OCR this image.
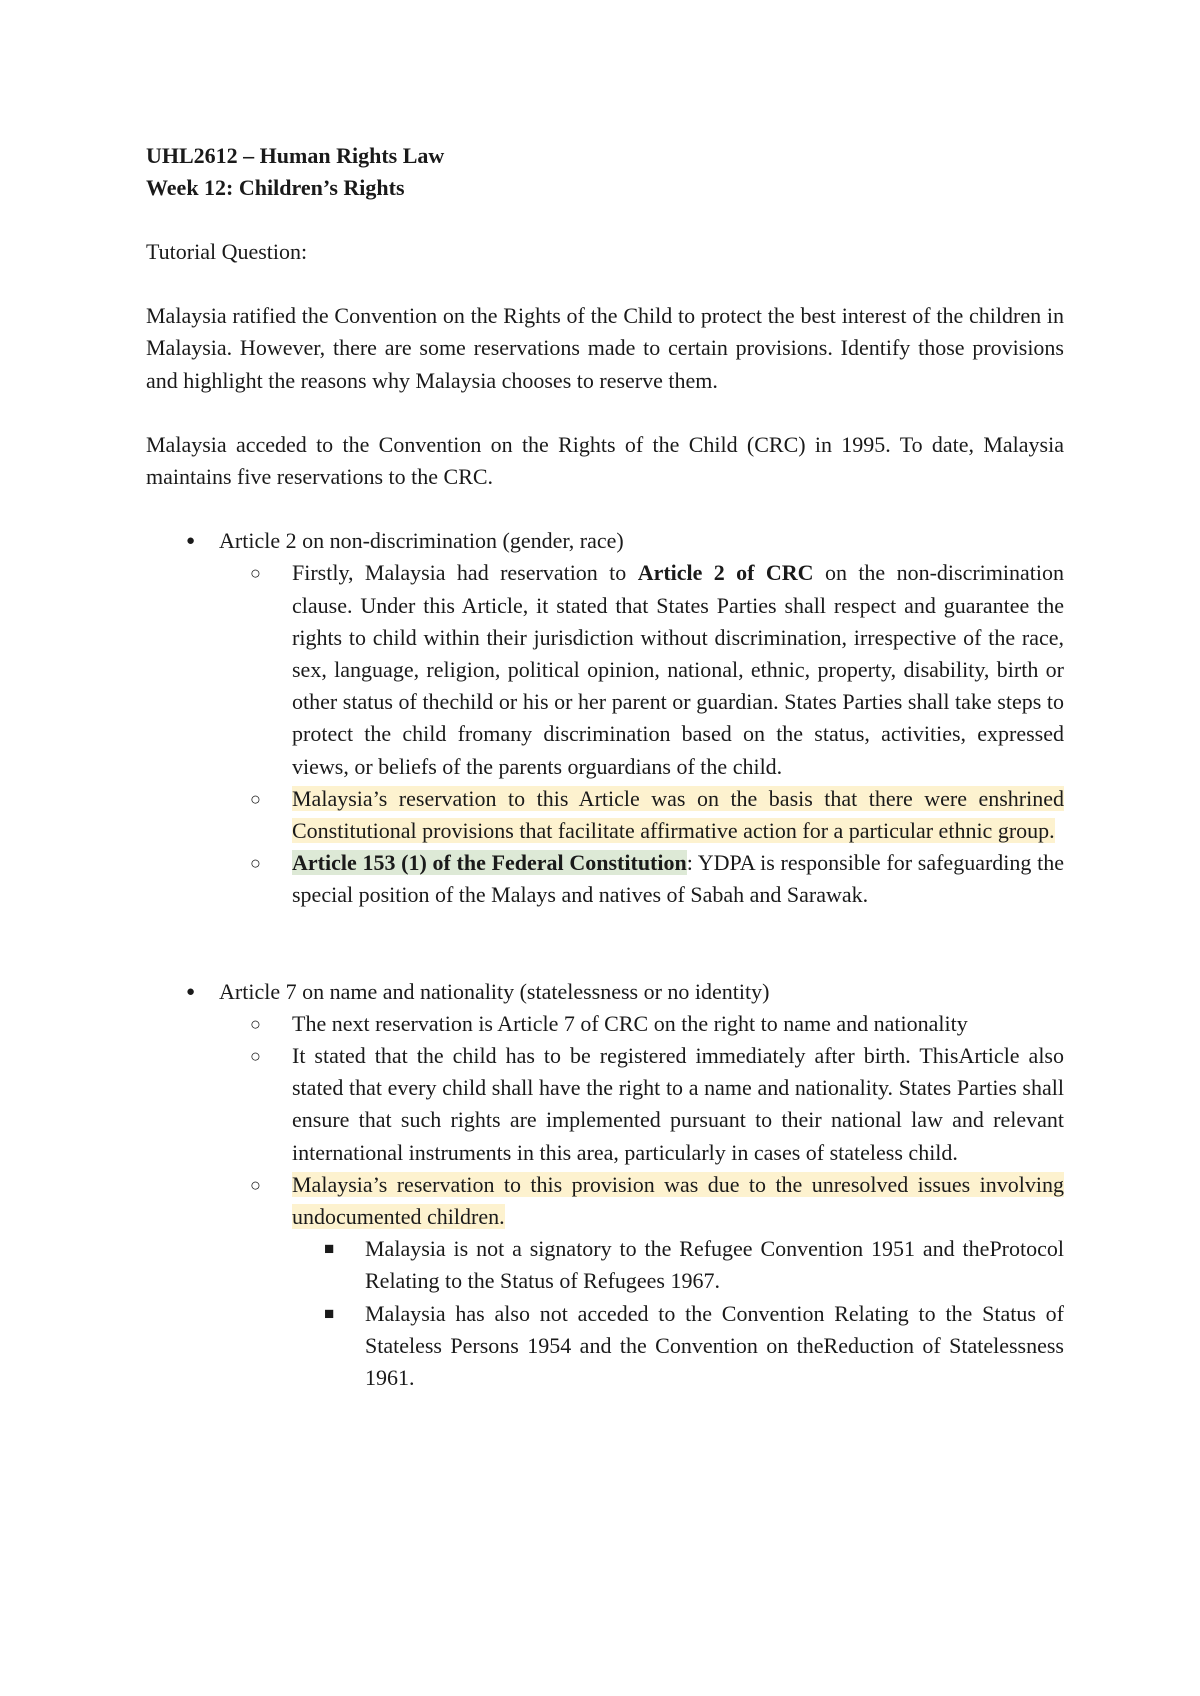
UHL2612 – Human Rights Law
Week 12: Children’s Rights

Tutorial Question:

Malaysia ratified the Convention on the Rights of the Child to protect the best interest of the children in Malaysia. However, there are some reservations made to certain provisions. Identify those provisions and highlight the reasons why Malaysia chooses to reserve them.

Malaysia acceded to the Convention on the Rights of the Child (CRC) in 1995. To date, Malaysia maintains five reservations to the CRC.

● Article 2 on non-discrimination (gender, race)
○ Firstly, Malaysia had reservation to Article 2 of CRC on the non-discrimination clause. Under this Article, it stated that States Parties shall respect and guarantee the rights to child within their jurisdiction without discrimination, irrespective of the race, sex, language, religion, political opinion, national, ethnic, property, disability, birth or other status of thechild or his or her parent or guardian. States Parties shall take steps to protect the child fromany discrimination based on the status, activities, expressed views, or beliefs of the parents orguardians of the child.
○ Malaysia’s reservation to this Article was on the basis that there were enshrined Constitutional provisions that facilitate affirmative action for a particular ethnic group.
○ Article 153 (1) of the Federal Constitution: YDPA is responsible for safeguarding the special position of the Malays and natives of Sabah and Sarawak.
● Article 7 on name and nationality (statelessness or no identity)
○ The next reservation is Article 7 of CRC on the right to name and nationality
○ It stated that the child has to be registered immediately after birth. ThisArticle also stated that every child shall have the right to a name and nationality. States Parties shall ensure that such rights are implemented pursuant to their national law and relevant international instruments in this area, particularly in cases of stateless child.
○ Malaysia’s reservation to this provision was due to the unresolved issues involving undocumented children.
■ Malaysia is not a signatory to the Refugee Convention 1951 and theProtocol Relating to the Status of Refugees 1967.
■ Malaysia has also not acceded to the Convention Relating to the Status of Stateless Persons 1954 and the Convention on theReduction of Statelessness 1961.
